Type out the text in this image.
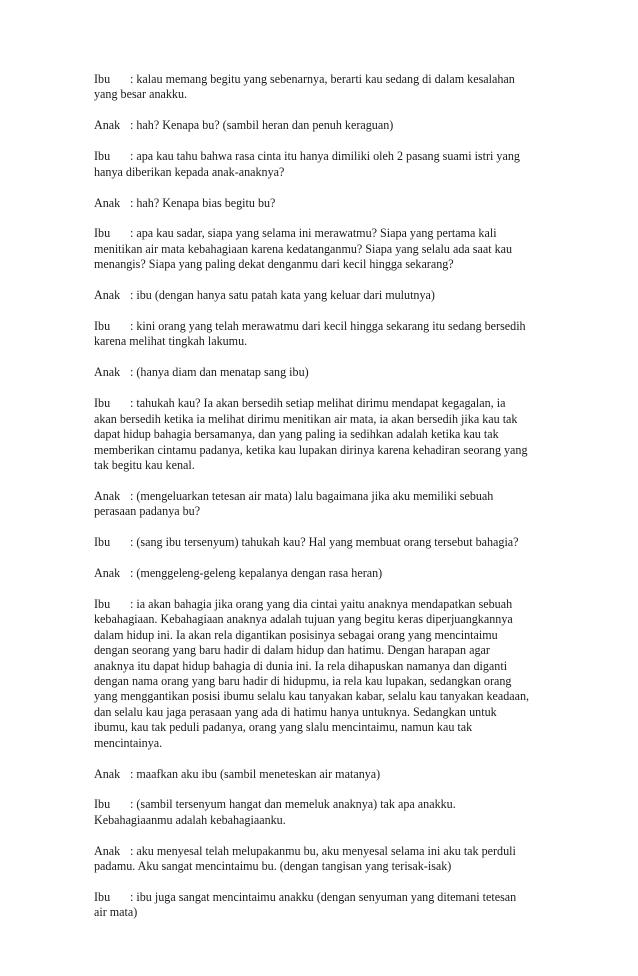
Ibu : kalau memang begitu yang sebenarnya, berarti kau sedang di dalam kesalahan
yang besar anakku.
Anak : hah? Kenapa bu? (sambil heran dan penuh keraguan)
Ibu : apa kau tahu bahwa rasa cinta itu hanya dimiliki oleh 2 pasang suami istri yang
hanya diberikan kepada anak-anaknya?
Anak : hah? Kenapa bias begitu bu?
Ibu : apa kau sadar, siapa yang selama ini merawatmu? Siapa yang pertama kali
menitikan air mata kebahagiaan karena kedatanganmu? Siapa yang selalu ada saat kau
menangis? Siapa yang paling dekat denganmu dari kecil hingga sekarang?
Anak : ibu (dengan hanya satu patah kata yang keluar dari mulutnya)
Ibu : kini orang yang telah merawatmu dari kecil hingga sekarang itu sedang bersedih
karena melihat tingkah lakumu.
Anak : (hanya diam dan menatap sang ibu)
Ibu : tahukah kau? Ia akan bersedih setiap melihat dirimu mendapat kegagalan, ia
akan bersedih ketika ia melihat dirimu menitikan air mata, ia akan bersedih jika kau tak
dapat hidup bahagia bersamanya, dan yang paling ia sedihkan adalah ketika kau tak
memberikan cintamu padanya, ketika kau lupakan dirinya karena kehadiran seorang yang
tak begitu kau kenal.
Anak : (mengeluarkan tetesan air mata) lalu bagaimana jika aku memiliki sebuah
perasaan padanya bu?
Ibu : (sang ibu tersenyum) tahukah kau? Hal yang membuat orang tersebut bahagia?
Anak : (menggeleng-geleng kepalanya dengan rasa heran)
Ibu : ia akan bahagia jika orang yang dia cintai yaitu anaknya mendapatkan sebuah
kebahagiaan. Kebahagiaan anaknya adalah tujuan yang begitu keras diperjuangkannya
dalam hidup ini. Ia akan rela digantikan posisinya sebagai orang yang mencintaimu
dengan seorang yang baru hadir di dalam hidup dan hatimu. Dengan harapan agar
anaknya itu dapat hidup bahagia di dunia ini. Ia rela dihapuskan namanya dan diganti
dengan nama orang yang baru hadir di hidupmu, ia rela kau lupakan, sedangkan orang
yang menggantikan posisi ibumu selalu kau tanyakan kabar, selalu kau tanyakan keadaan,
dan selalu kau jaga perasaan yang ada di hatimu hanya untuknya. Sedangkan untuk
ibumu, kau tak peduli padanya, orang yang slalu mencintaimu, namun kau tak
mencintainya.
Anak : maafkan aku ibu (sambil meneteskan air matanya)
Ibu : (sambil tersenyum hangat dan memeluk anaknya) tak apa anakku.
Kebahagiaanmu adalah kebahagiaanku.
Anak : aku menyesal telah melupakanmu bu, aku menyesal selama ini aku tak perduli
padamu. Aku sangat mencintaimu bu. (dengan tangisan yang terisak-isak)
Ibu : ibu juga sangat mencintaimu anakku (dengan senyuman yang ditemani tetesan
air mata)
